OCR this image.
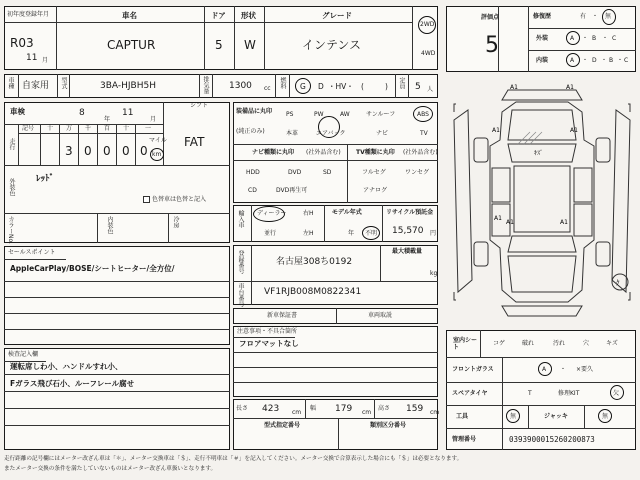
初年度登録年月
R03
11 月
車名
CAPTUR
ドア
5
形状
W
グレード
インテンス
2WD
4WD
車種 自家用 型式	3BA-HJBH5H	排気量 1300 cc 燃料 G D ・HV・ (	) 定員 5 人
車検	8
年
11
月
シフト
FAT
走行
記号 十 万 千 百 十	一
3 0 0 0 0
マイル
km
外装色 ﾚｯﾄﾞ
色替車は色替と記入
カラーNo.	内装色	冷房
装備品に丸印
(純正のみ)
PS	PW	AW	サンルーフ	ABS
本革	エアバック	ナビ	TV
ナビ種類に丸印 (社外品含む)	TV種類に丸印 (社外品含む)
HDD	DVD	SD
CD	DVD再生可
フルセグ	ワンセグ
アナログ
輸入車 ディーラー
並行
右H
左H
モデル年式
年 不明
リサイクル預託金
15,570 円
セールスポイント
AppleCarPlay/BOSE/シートヒーター/全方位/
検査記入欄
運転席しわ小、ハンドルすれ小、
Fガラス飛び石小、ルーフレール腐せ
登録番号	名古屋308ち0192
最大積載量
kg
車台番号 VF1RJB008M0822341
新車保証書	車両取説
注意事項・不具合箇所
フロアマットなし
長さ 423 cm
幅 179 cm
高さ 159 cm
型式指定番号	類別区分番号
評価点
5
修復歴	有 ・ 無
外装	A ・ B ・ C
内装	A ・ D ・ B ・ C
A1	A1
A1	A1
A1
A1	A1
ｷｽﾞ
ｸ
室内シート
コゲ	破れ	汚れ	穴	キズ
フロントガラス	A ・ ×要久
スペアタイヤ	T	修理KIT	欠
工具	無	ジャッキ	無
管理番号	0393900015260200873
走行距離の記号欄にはメーター改ざん車は「＊」、メーター交換車は「＄」、走行不明車は「＃」を記入してください。メーター交換で合算表示した場合にも「＄」は必要となります。
またメーター交換の条件を満たしていないものはメーター改ざん車扱いとなります。
